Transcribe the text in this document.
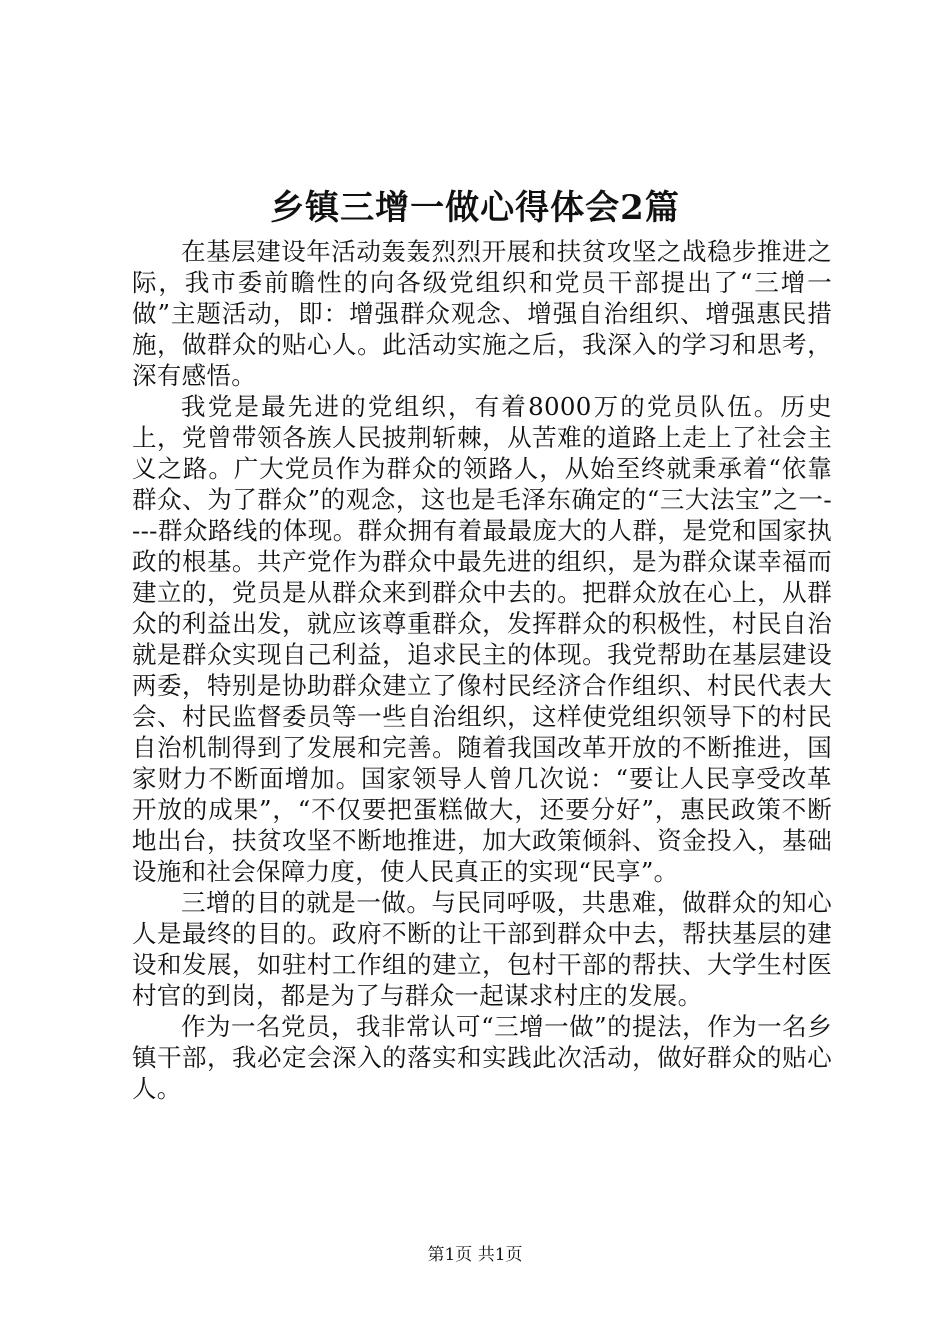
乡镇三增一做心得体会2篇

在基层建设年活动轰轰烈烈开展和扶贫攻坚之战稳步推进之际，我市委前瞻性的向各级党组织和党员干部提出了“三增一做”主题活动，即：增强群众观念、增强自治组织、增强惠民措施，做群众的贴心人。此活动实施之后，我深入的学习和思考，深有感悟。

我党是最先进的党组织，有着8000万的党员队伍。历史上，党曾带领各族人民披荆斩棘，从苦难的道路上走上了社会主义之路。广大党员作为群众的领路人，从始至终就秉承着“依靠群众、为了群众”的观念，这也是毛泽东确定的“三大法宝”之一----群众路线的体现。群众拥有着最最庞大的人群，是党和国家执政的根基。共产党作为群众中最先进的组织，是为群众谋幸福而建立的，党员是从群众来到群众中去的。把群众放在心上，从群众的利益出发，就应该尊重群众，发挥群众的积极性，村民自治就是群众实现自己利益，追求民主的体现。我党帮助在基层建设两委，特别是协助群众建立了像村民经济合作组织、村民代表大会、村民监督委员等一些自治组织，这样使党组织领导下的村民自治机制得到了发展和完善。随着我国改革开放的不断推进，国家财力不断面增加。国家领导人曾几次说：“要让人民享受改革开放的成果”，“不仅要把蛋糕做大，还要分好”，惠民政策不断地出台，扶贫攻坚不断地推进，加大政策倾斜、资金投入，基础设施和社会保障力度，使人民真正的实现“民享”。

三增的目的就是一做。与民同呼吸，共患难，做群众的知心人是最终的目的。政府不断的让干部到群众中去，帮扶基层的建设和发展，如驻村工作组的建立，包村干部的帮扶、大学生村医村官的到岗，都是为了与群众一起谋求村庄的发展。

作为一名党员，我非常认可“三增一做”的提法，作为一名乡镇干部，我必定会深入的落实和实践此次活动，做好群众的贴心人。

第1页 共1页
